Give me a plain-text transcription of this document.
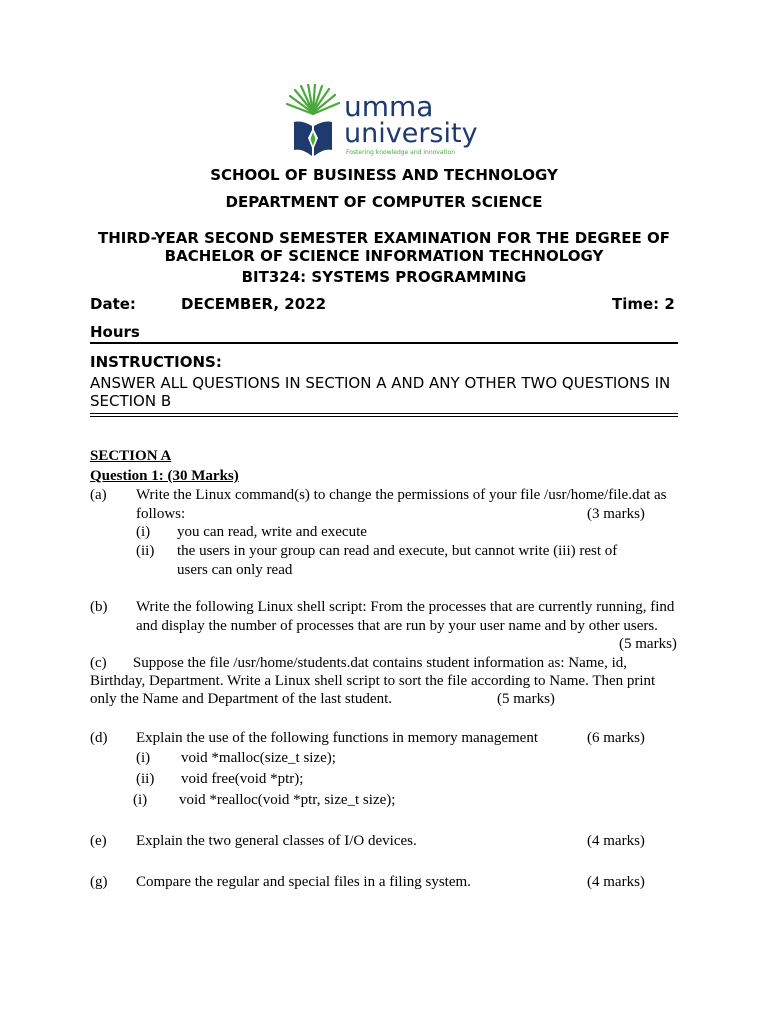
umma
university
Fostering knowledge and innovation
SCHOOL OF BUSINESS AND TECHNOLOGY
DEPARTMENT OF COMPUTER SCIENCE
THIRD-YEAR SECOND SEMESTER EXAMINATION FOR THE DEGREE OF
BACHELOR OF SCIENCE INFORMATION TECHNOLOGY
BIT324: SYSTEMS PROGRAMMING
Date:	DECEMBER, 2022	Time: 2
Hours
INSTRUCTIONS:
ANSWER ALL QUESTIONS IN SECTION A AND ANY OTHER TWO QUESTIONS IN
SECTION B
SECTION A
Question 1: (30 Marks)
(a) Write the Linux command(s) to change the permissions of your file /usr/home/file.dat as
follows:	(3 marks)
(i) you can read, write and execute
(ii) the users in your group can read and execute, but cannot write (iii) rest of
users can only read
(b) Write the following Linux shell script: From the processes that are currently running, find
and display the number of processes that are run by your user name and by other users.
(5 marks)
(c)       Suppose the file /usr/home/students.dat contains student information as: Name, id,
Birthday, Department. Write a Linux shell script to sort the file according to Name. Then print
only the Name and Department of the last student.	(5 marks)
(d) Explain the use of the following functions in memory management	(6 marks)
(i) void *malloc(size_t size);
(ii) void free(void *ptr);
(i) void *realloc(void *ptr, size_t size);
(e) Explain the two general classes of I/O devices.	(4 marks)
(g) Compare the regular and special files in a filing system.	(4 marks)
